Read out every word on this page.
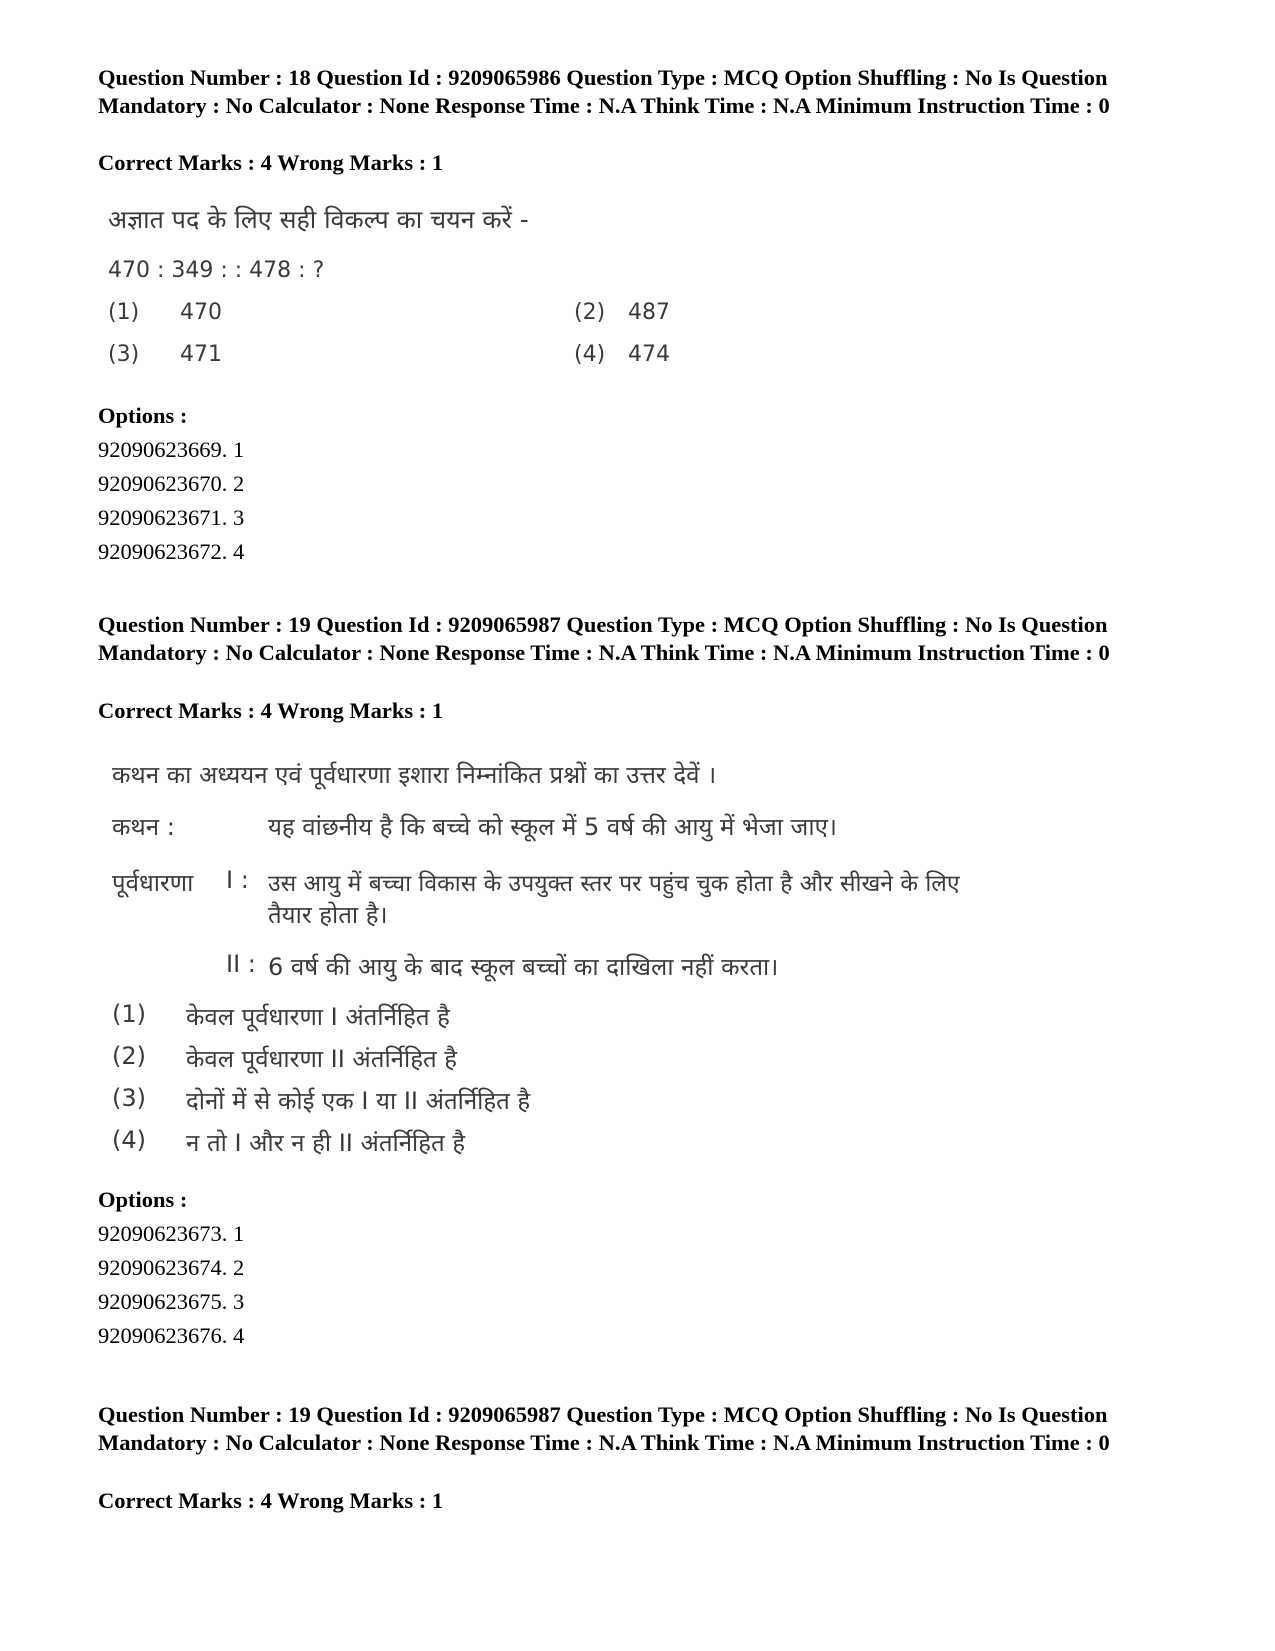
Question Number : 18 Question Id : 9209065986 Question Type : MCQ Option Shuffling : No Is Question Mandatory : No Calculator : None Response Time : N.A Think Time : N.A Minimum Instruction Time : 0

Correct Marks : 4 Wrong Marks : 1
अज्ञात पद के लिए सही विकल्प का चयन करें -
470 : 349 : : 478 : ?
(1) 470	(2) 487
(3) 471	(4) 474
Options :
92090623669. 1
92090623670. 2
92090623671. 3
92090623672. 4

Question Number : 19 Question Id : 9209065987 Question Type : MCQ Option Shuffling : No Is Question Mandatory : No Calculator : None Response Time : N.A Think Time : N.A Minimum Instruction Time : 0

Correct Marks : 4 Wrong Marks : 1
कथन का अध्ययन एवं पूर्वधारणा इशारा निम्नांकित प्रश्नों का उत्तर देवें ।
कथन :	यह वांछनीय है कि बच्चे को स्कूल में 5 वर्ष की आयु में भेजा जाए।
पूर्वधारणा I : उस आयु में बच्चा विकास के उपयुक्त स्तर पर पहुंच चुक होता है और सीखने के लिए
तैयार होता है।
II : 6 वर्ष की आयु के बाद स्कूल बच्चों का दाखिला नहीं करता।
(1) केवल पूर्वधारणा I अंतर्निहित है
(2) केवल पूर्वधारणा II अंतर्निहित है
(3) दोनों में से कोई एक I या II अंतर्निहित है
(4) न तो I और न ही II अंतर्निहित है
Options :
92090623673. 1
92090623674. 2
92090623675. 3
92090623676. 4

Question Number : 19 Question Id : 9209065987 Question Type : MCQ Option Shuffling : No Is Question Mandatory : No Calculator : None Response Time : N.A Think Time : N.A Minimum Instruction Time : 0

Correct Marks : 4 Wrong Marks : 1
